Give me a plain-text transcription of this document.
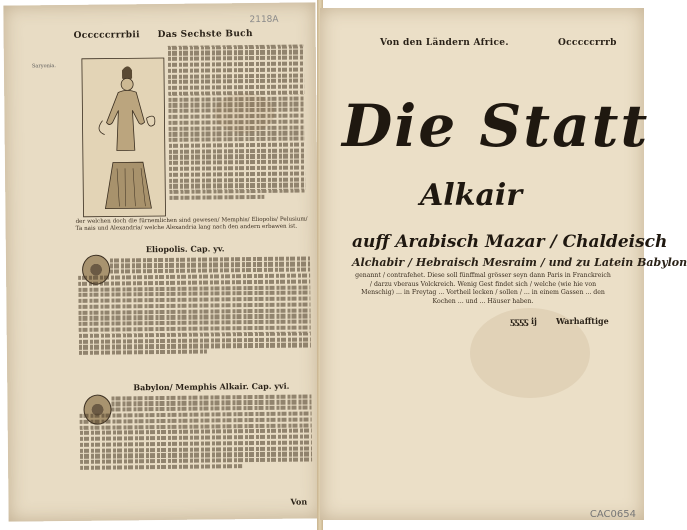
Occcccrrrbii Das Sechste Buch
2118A
Saryonia.
der welchen doch die fürnemlichen sind gewesen/ Memphis/ Eliopolis/ Pelusium/ Ta nais und Alexandria/ welche Alexandria lang nach den andern erbawen ist.
Eliopolis. Cap. yv.
Babylon/ Memphis Alkair. Cap. yvi.
Von
Von den Ländern Africe.	Occcccrrrb
Die Statt
Alkair
auff Arabisch Mazar / Chaldeisch
Alchabir / Hebraisch Mesraim / und zu Latein Babylon
genannt / contrafehet. Diese soll fünffmal grösser seyn dann Paris in Franckreich / darzu vberaus Volckreich. Wenig Gest findet sich / welche (wie hie von Menschig) ... in Freytag ... Vortheil lecken / sollen / ... in einem Gassen ... den Kochen ... und ... Häuser haben.
ƽƽƽƽ ij Warhafftige
CAC0654
